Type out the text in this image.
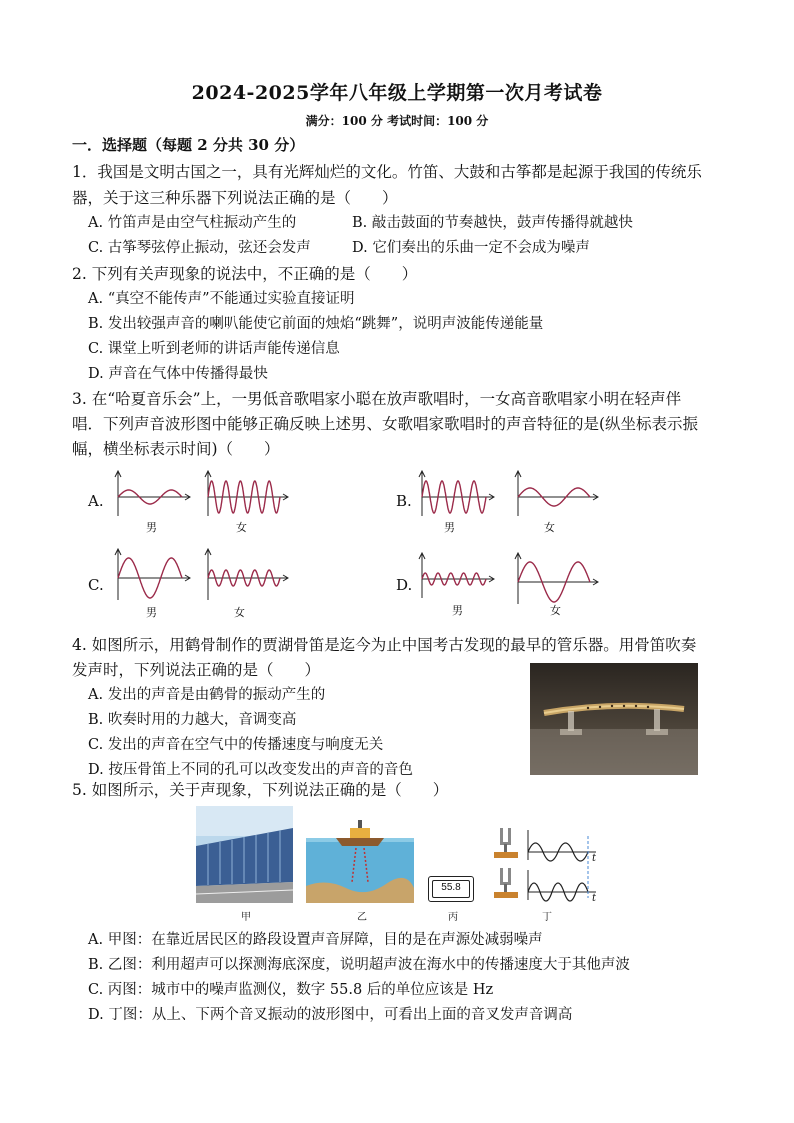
2024-2025学年八年级上学期第一次月考试卷
满分：100 分 考试时间：100 分
一．选择题（每题 2 分共 30 分）
1．我国是文明古国之一，具有光辉灿烂的文化。竹笛、大鼓和古筝都是起源于我国的传统乐
器，关于这三种乐器下列说法正确的是（　　）
A. 竹笛声是由空气柱振动产生的	B. 敲击鼓面的节奏越快，鼓声传播得就越快
C. 古筝琴弦停止振动，弦还会发声	D. 它们奏出的乐曲一定不会成为噪声
2. 下列有关声现象的说法中，不正确的是（　　）
A. “真空不能传声”不能通过实验直接证明
B. 发出较强声音的喇叭能使它前面的烛焰“跳舞”，说明声波能传递能量
C. 课堂上听到老师的讲话声能传递信息
D. 声音在气体中传播得最快
3. 在“哈夏音乐会”上，一男低音歌唱家小聪在放声歌唱时，一女高音歌唱家小明在轻声伴
唱．下列声音波形图中能够正确反映上述男、女歌唱家歌唱时的声音特征的是(纵坐标表示振
幅，横坐标表示时间)（　　）
A.	B.
C.	D.
男	女	男	女
男	女	男	女
4. 如图所示，用鹤骨制作的贾湖骨笛是迄今为止中国考古发现的最早的管乐器。用骨笛吹奏
发声时，下列说法正确的是（　　）
A. 发出的声音是由鹤骨的振动产生的
B. 吹奏时用的力越大，音调变高
C. 发出的声音在空气中的传播速度与响度无关
D. 按压骨笛上不同的孔可以改变发出的声音的音色
5. 如图所示，关于声现象，下列说法正确的是（　　）
55.8
t
t
甲	乙	丙	丁
A. 甲图：在靠近居民区的路段设置声音屏障，目的是在声源处减弱噪声
B. 乙图：利用超声可以探测海底深度，说明超声波在海水中的传播速度大于其他声波
C. 丙图：城市中的噪声监测仪，数字 55.8 后的单位应该是 Hz
D. 丁图：从上、下两个音叉振动的波形图中，可看出上面的音叉发声音调高
